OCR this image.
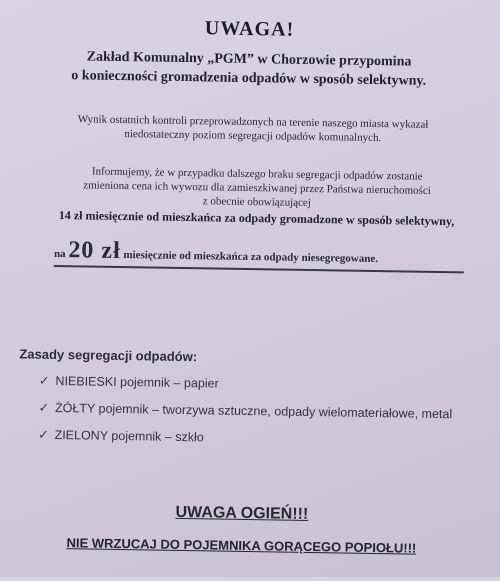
UWAGA!
Zakład Komunalny „PGM” w Chorzowie przypomina
o konieczności gromadzenia odpadów w sposób selektywny.
Wynik ostatnich kontroli przeprowadzonych na terenie naszego miasta wykazał
niedostateczny poziom segregacji odpadów komunalnych.
Informujemy, że w przypadku dalszego braku segregacji odpadów zostanie
zmieniona cena ich wywozu dla zamieszkiwanej przez Państwa nieruchomości
z obecnie obowiązującej
14 zł miesięcznie od mieszkańca za odpady gromadzone w sposób selektywny,
na 20 zł miesięcznie od mieszkańca za odpady niesegregowane.
Zasady segregacji odpadów:
✓ NIEBIESKI pojemnik – papier
✓ ŻÓŁTY pojemnik – tworzywa sztuczne, odpady wielomateriałowe, metal
✓ ZIELONY pojemnik – szkło
UWAGA OGIEŃ!!!
NIE WRZUCAJ DO POJEMNIKA GORĄCEGO POPIOŁU!!!
